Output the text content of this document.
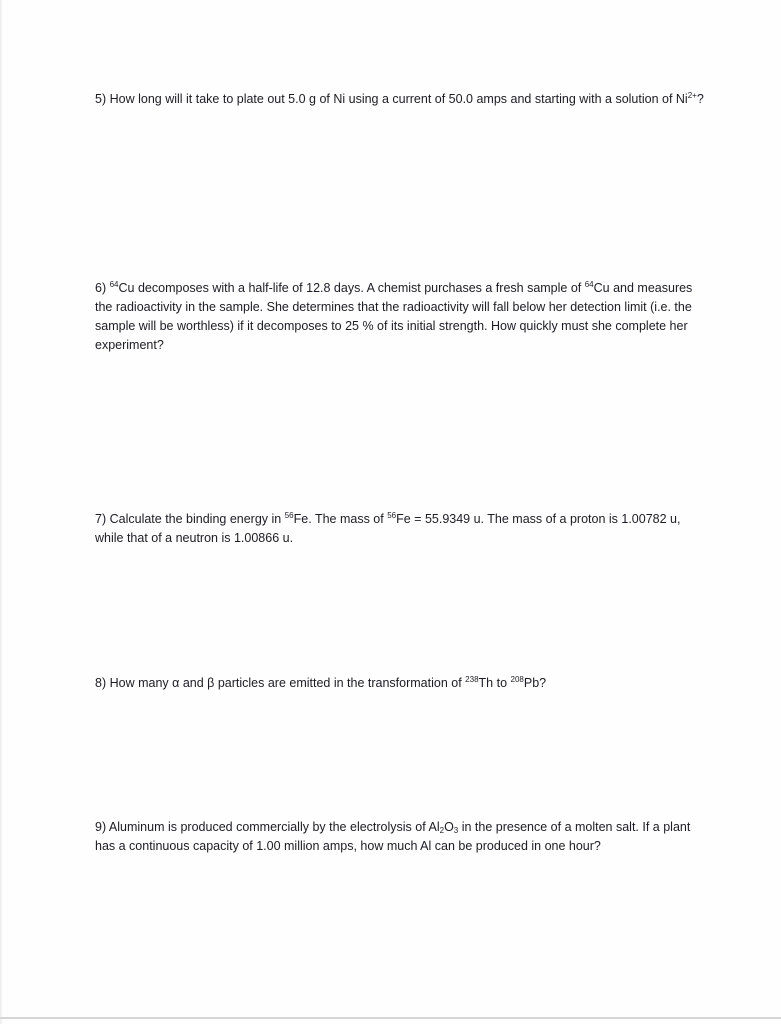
5) How long will it take to plate out 5.0 g of Ni using a current of 50.0 amps and starting with a solution of $Ni^{2+}$?

6) $^{64}$Cu decomposes with a half-life of 12.8 days. A chemist purchases a fresh sample of $^{64}$Cu and measures the radioactivity in the sample. She determines that the radioactivity will fall below her detection limit (i.e. the sample will be worthless) if it decomposes to 25 % of its initial strength. How quickly must she complete her experiment?

7) Calculate the binding energy in $^{56}$Fe. The mass of $^{56}$Fe = 55.9349 u. The mass of a proton is 1.00782 u, while that of a neutron is 1.00866 u.

8) How many α and β particles are emitted in the transformation of $^{238}$Th to $^{208}$Pb?

9) Aluminum is produced commercially by the electrolysis of $Al_2O_3$ in the presence of a molten salt. If a plant has a continuous capacity of 1.00 million amps, how much Al can be produced in one hour?
